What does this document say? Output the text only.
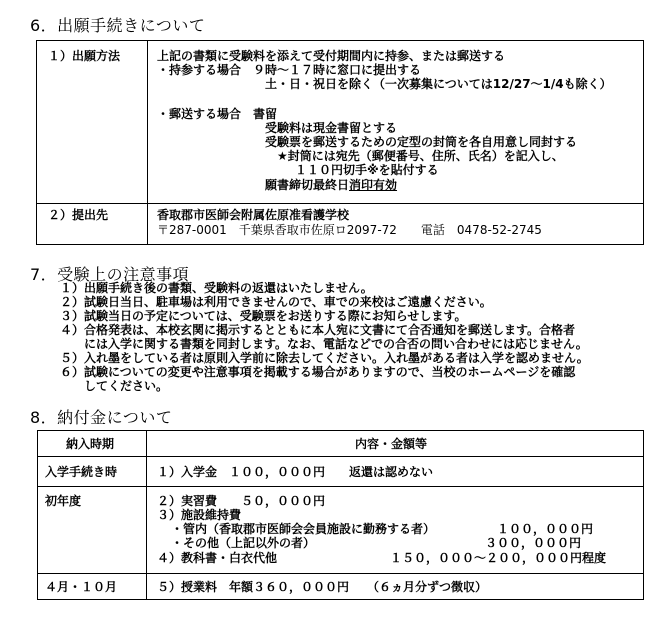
6．出願手続きについて
１）出願方法	上記の書類に受験料を添えて受付期間内に持参、または郵送する
・持参する場合　９時～１７時に窓口に提出する
土・日・祝日を除く（一次募集については12/27～1/4も除く）
・郵送する場合　書留
受験料は現金書留とする
受験票を郵送するための定型の封筒を各自用意し同封する
★封筒には宛先（郵便番号、住所、氏名）を記入し、
１１０円切手※を貼付する
願書締切最終日消印有効
２）提出先	香取郡市医師会附属佐原准看護学校
〒287-0001　千葉県香取市佐原ロ2097-72　　電話　0478-52-2745
7．受験上の注意事項
１）出願手続き後の書類、受験料の返還はいたしません。
２）試験日当日、駐車場は利用できませんので、車での来校はご遠慮ください。
３）試験当日の予定については、受験票をお送りする際にお知らせします。
４）合格発表は、本校玄関に掲示するとともに本人宛に文書にて合否通知を郵送します。合格者
には入学に関する書類を同封します。なお、電話などでの合否の問い合わせには応じません。
５）入れ墨をしている者は原則入学前に除去してください。入れ墨がある者は入学を認めません。
６）試験についての変更や注意事項を掲載する場合がありますので、当校のホームページを確認
してください。
8．納付金について
納入時期	内容・金額等
入学手続き時	１）入学金　１００，０００円　　返還は認めない
初年度	２）実習費　　５０，０００円
３）施設維持費
・管内（香取郡市医師会会員施設に勤務する者）	１００，０００円
・その他（上記以外の者）	３００，０００円
４）教科書・白衣代他	１５０，０００～２００，０００円程度
４月・１０月	５）授業料　年額３６０，０００円　　（６ヵ月分ずつ徴収）
